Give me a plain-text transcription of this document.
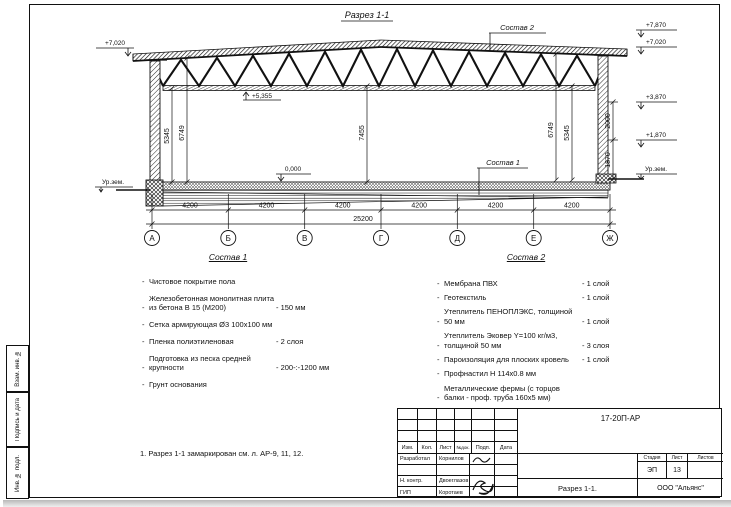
Взам. инв. №
Подпись и дата
Инв. № подл.
Разрез 1-1
+7,020
Ур.зем.
+5,355
0,000
+7,870
+7,020
+3,870
+1,870
Ур.зем.
5345 6749	7455	6749 5345
2000
1870
Состав 2
Состав 1
4200	4200	4200	4200	4200	4200
25200
А	Б	В	Г	Д	Е	Ж
Состав 1
- Чистовое покрытие пола
-
Железобетонная монолитная плита из бетона В 15 (М200)	- 150 мм
- Сетка армирующая Ø3 100х100 мм
- Пленка полиэтиленовая	- 2 слоя
-
Подготовка из песка средней крупности	- 200-:-1200 мм
- Грунт основания
Состав 2
- Мембрана ПВХ	- 1 слой
- Геотекстиль	- 1 слой
-
Утеплитель ПЕНОПЛЭКС, толщиной 50 мм	- 1 слой
-
Утеплитель Эковер Y=100 кг/м3, толщиной 50 мм	- 3 слоя
- Пароизоляция для плоских кровель	- 1 слой
- Профнастил Н 114х0.8 мм
-
Металлические фермы (с торцов балки - проф. труба 160х5 мм)
1. Разрез 1-1 замаркирован см. л. АР-9, 11, 12.
Изм.	Кол.	Лист	№док.	Подп.	Дата
Разработал	Корнилов
Н. контр.	Двоеглазов
ГИП	Коротаев
17-20П-АР
Разрез 1-1.
Стадия	Лист	Листов
ЭП	13
ООО "Альянс"
